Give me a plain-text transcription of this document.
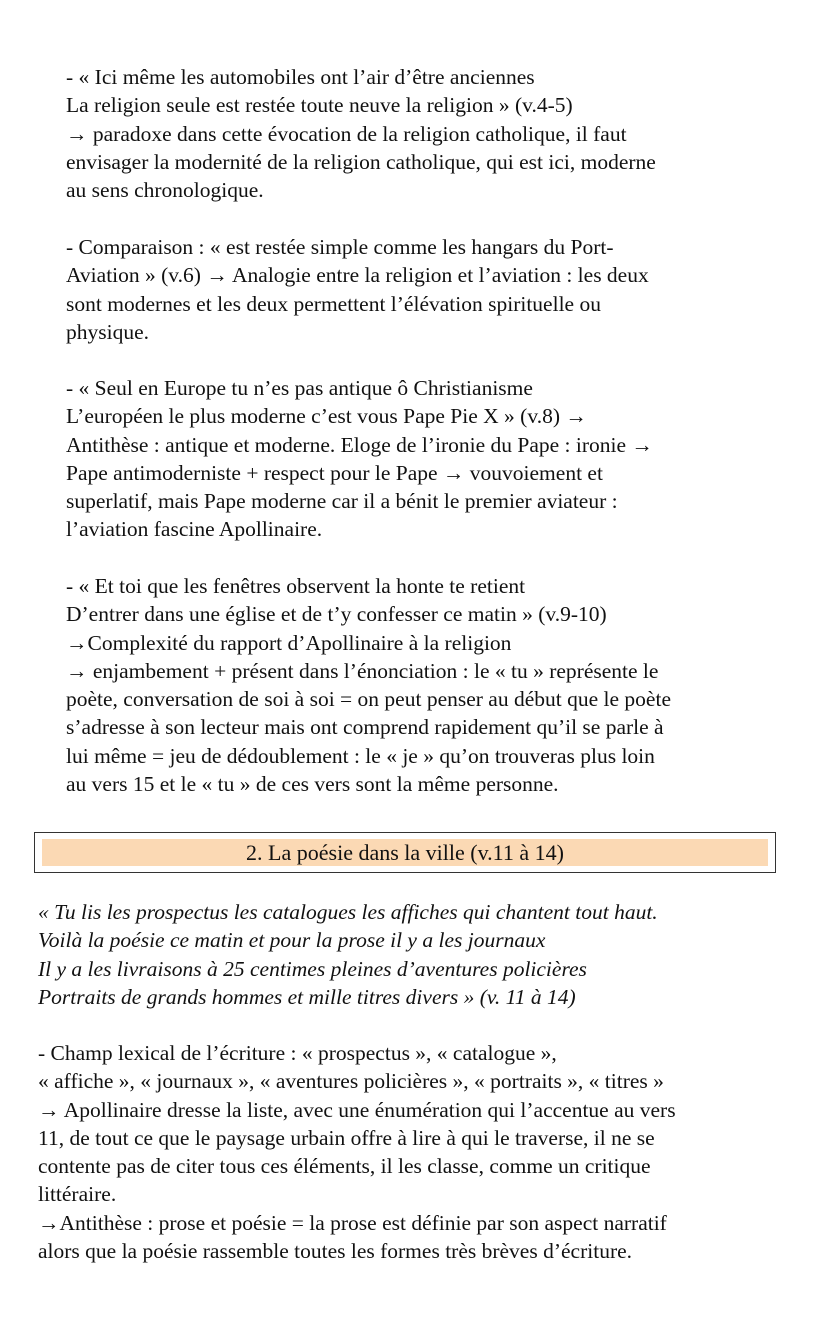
- « Ici même les automobiles ont l’air d’être anciennes
La religion seule est restée toute neuve la religion » (v.4-5)
→ paradoxe dans cette évocation de la religion catholique, il faut
envisager la modernité de la religion catholique, qui est ici, moderne
au sens chronologique.
- Comparaison : « est restée simple comme les hangars du Port-
Aviation » (v.6) → Analogie entre la religion et l’aviation : les deux
sont modernes et les deux permettent l’élévation spirituelle ou
physique.
- « Seul en Europe tu n’es pas antique ô Christianisme
L’européen le plus moderne c’est vous Pape Pie X » (v.8) →
Antithèse : antique et moderne. Eloge de l’ironie du Pape : ironie →
Pape antimoderniste + respect pour le Pape → vouvoiement et
superlatif, mais Pape moderne car il a bénit le premier aviateur :
l’aviation fascine Apollinaire.
- « Et toi que les fenêtres observent la honte te retient
D’entrer dans une église et de t’y confesser ce matin » (v.9-10)
→Complexité du rapport d’Apollinaire à la religion
→ enjambement + présent dans l’énonciation : le « tu » représente le
poète, conversation de soi à soi = on peut penser au début que le poète
s’adresse à son lecteur mais ont comprend rapidement qu’il se parle à
lui même = jeu de dédoublement : le « je » qu’on trouveras plus loin
au vers 15 et le « tu » de ces vers sont la même personne.
2. La poésie dans la ville (v.11 à 14)
« Tu lis les prospectus les catalogues les affiches qui chantent tout haut.
Voilà la poésie ce matin et pour la prose il y a les journaux
Il y a les livraisons à 25 centimes pleines d’aventures policières
Portraits de grands hommes et mille titres divers » (v. 11 à 14)
- Champ lexical de l’écriture : « prospectus », « catalogue »,
« affiche », « journaux », « aventures policières », « portraits », « titres »
→ Apollinaire dresse la liste, avec une énumération qui l’accentue au vers
11, de tout ce que le paysage urbain offre à lire à qui le traverse, il ne se
contente pas de citer tous ces éléments, il les classe, comme un critique
littéraire.
→Antithèse : prose et poésie = la prose est définie par son aspect narratif
alors que la poésie rassemble toutes les formes très brèves d’écriture.
